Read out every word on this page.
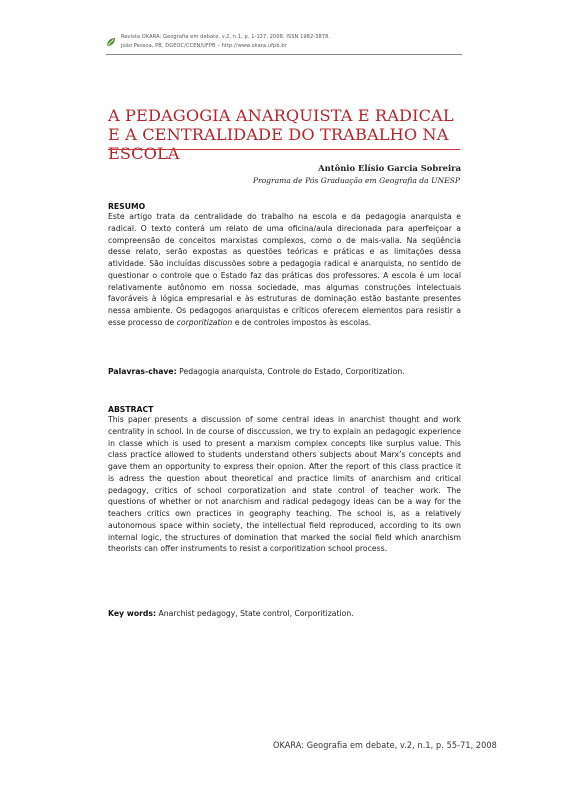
Revista OKARA: Geografia em debate, v.2, n.1, p. 1-127, 2008. ISSN 1982-3878.
João Pessoa, PB, DGEOC/CCEN/UFPB – http://www.okara.ufpb.br
A PEDAGOGIA ANARQUISTA E RADICAL E A CENTRALIDADE DO TRABALHO NA ESCOLA
Antônio Elísio Garcia Sobreira
Programa de Pós Graduação em Geografia da UNESP
RESUMO
Este artigo trata da centralidade do trabalho na escola e da pedagogia anarquista e radical. O texto conterá um relato de uma oficina/aula direcionada para aperfeiçoar a compreensão de conceitos marxistas complexos, como o de mais-valia. Na seqüência desse relato, serão expostas as questões teóricas e práticas e as limitações dessa atividade. São incluídas discussões sobre a pedagogia radical e anarquista, no sentido de questionar o controle que o Estado faz das práticas dos professores. A escola é um local relativamente autônomo em nossa sociedade, mas algumas construções intelectuais favoráveis à lógica empresarial e às estruturas de dominação estão bastante presentes nessa ambiente. Os pedagogos anarquistas e críticos oferecem elementos para resistir a esse processo de corporitization e de controles impostos às escolas.
Palavras-chave: Pedagogia anarquista, Controle do Estado, Corporitization.
ABSTRACT
This paper presents a discussion of some central ideas in anarchist thought and work centrality in school. In de course of disccussion, we try to explain an pedagogic experience in classe which is used to present a marxism complex concepts like surplus value. This class practice allowed to students understand others subjects about Marx’s concepts and gave them an opportunity to express their opnion. After the report of this class practice it is adress the question about theoretical and practice limits of anarchism and critical pedagogy, critics of school corporatization and state control of teacher work. The questions of whether or not anarchism and radical pedagogy ideas can be a way for the teachers critics own practices in geography teaching. The school is, as a relatively autonomous space within society, the intellectual field reproduced, according to its own internal logic, the structures of domination that marked the social field which anarchism theorists can offer instruments to resist a corporitization school process.
Key words: Anarchist pedagogy, State control, Corporitization.
OKARA: Geografia em debate, v.2, n.1, p. 55-71, 2008
